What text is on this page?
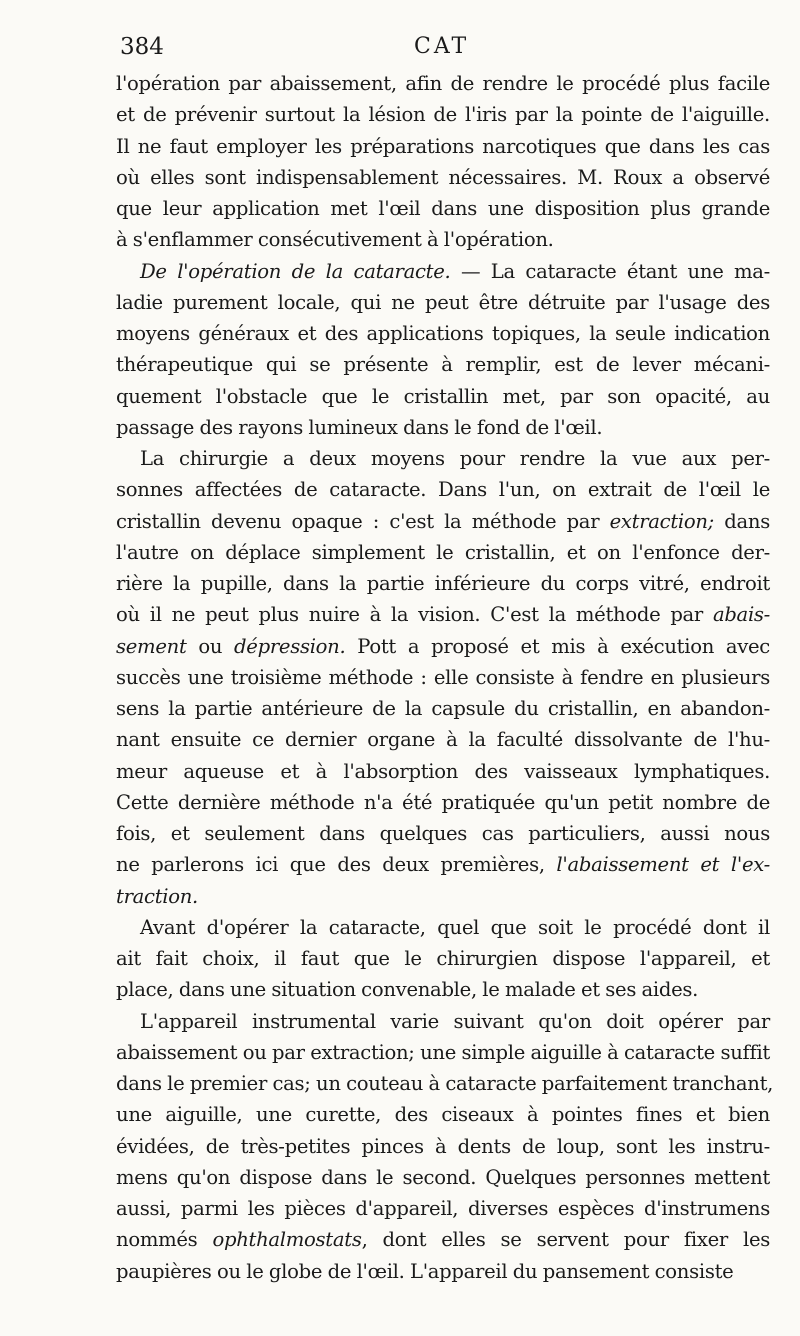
384	CAT

l'opération par abaissement, afin de rendre le procédé plus facile
et de prévenir surtout la lésion de l'iris par la pointe de l'aiguille.
Il ne faut employer les préparations narcotiques que dans les cas
où elles sont indispensablement nécessaires. M. Roux a observé
que leur application met l'œil dans une disposition plus grande
à s'enflammer consécutivement à l'opération.

De l'opération de la cataracte. — La cataracte étant une ma-
ladie purement locale, qui ne peut être détruite par l'usage des
moyens généraux et des applications topiques, la seule indication
thérapeutique qui se présente à remplir, est de lever mécani-
quement l'obstacle que le cristallin met, par son opacité, au
passage des rayons lumineux dans le fond de l'œil.

La chirurgie a deux moyens pour rendre la vue aux per-
sonnes affectées de cataracte. Dans l'un, on extrait de l'œil le
cristallin devenu opaque : c'est la méthode par extraction; dans
l'autre on déplace simplement le cristallin, et on l'enfonce der-
rière la pupille, dans la partie inférieure du corps vitré, endroit
où il ne peut plus nuire à la vision. C'est la méthode par abais-
sement ou dépression. Pott a proposé et mis à exécution avec
succès une troisième méthode : elle consiste à fendre en plusieurs
sens la partie antérieure de la capsule du cristallin, en abandon-
nant ensuite ce dernier organe à la faculté dissolvante de l'hu-
meur aqueuse et à l'absorption des vaisseaux lymphatiques.
Cette dernière méthode n'a été pratiquée qu'un petit nombre de
fois, et seulement dans quelques cas particuliers, aussi nous
ne parlerons ici que des deux premières, l'abaissement et l'ex-
traction.

Avant d'opérer la cataracte, quel que soit le procédé dont il
ait fait choix, il faut que le chirurgien dispose l'appareil, et
place, dans une situation convenable, le malade et ses aides.

L'appareil instrumental varie suivant qu'on doit opérer par
abaissement ou par extraction; une simple aiguille à cataracte suffit
dans le premier cas; un couteau à cataracte parfaitement tranchant,
une aiguille, une curette, des ciseaux à pointes fines et bien
évidées, de très-petites pinces à dents de loup, sont les instru-
mens qu'on dispose dans le second. Quelques personnes mettent
aussi, parmi les pièces d'appareil, diverses espèces d'instrumens
nommés ophthalmostats, dont elles se servent pour fixer les
paupières ou le globe de l'œil. L'appareil du pansement consiste
